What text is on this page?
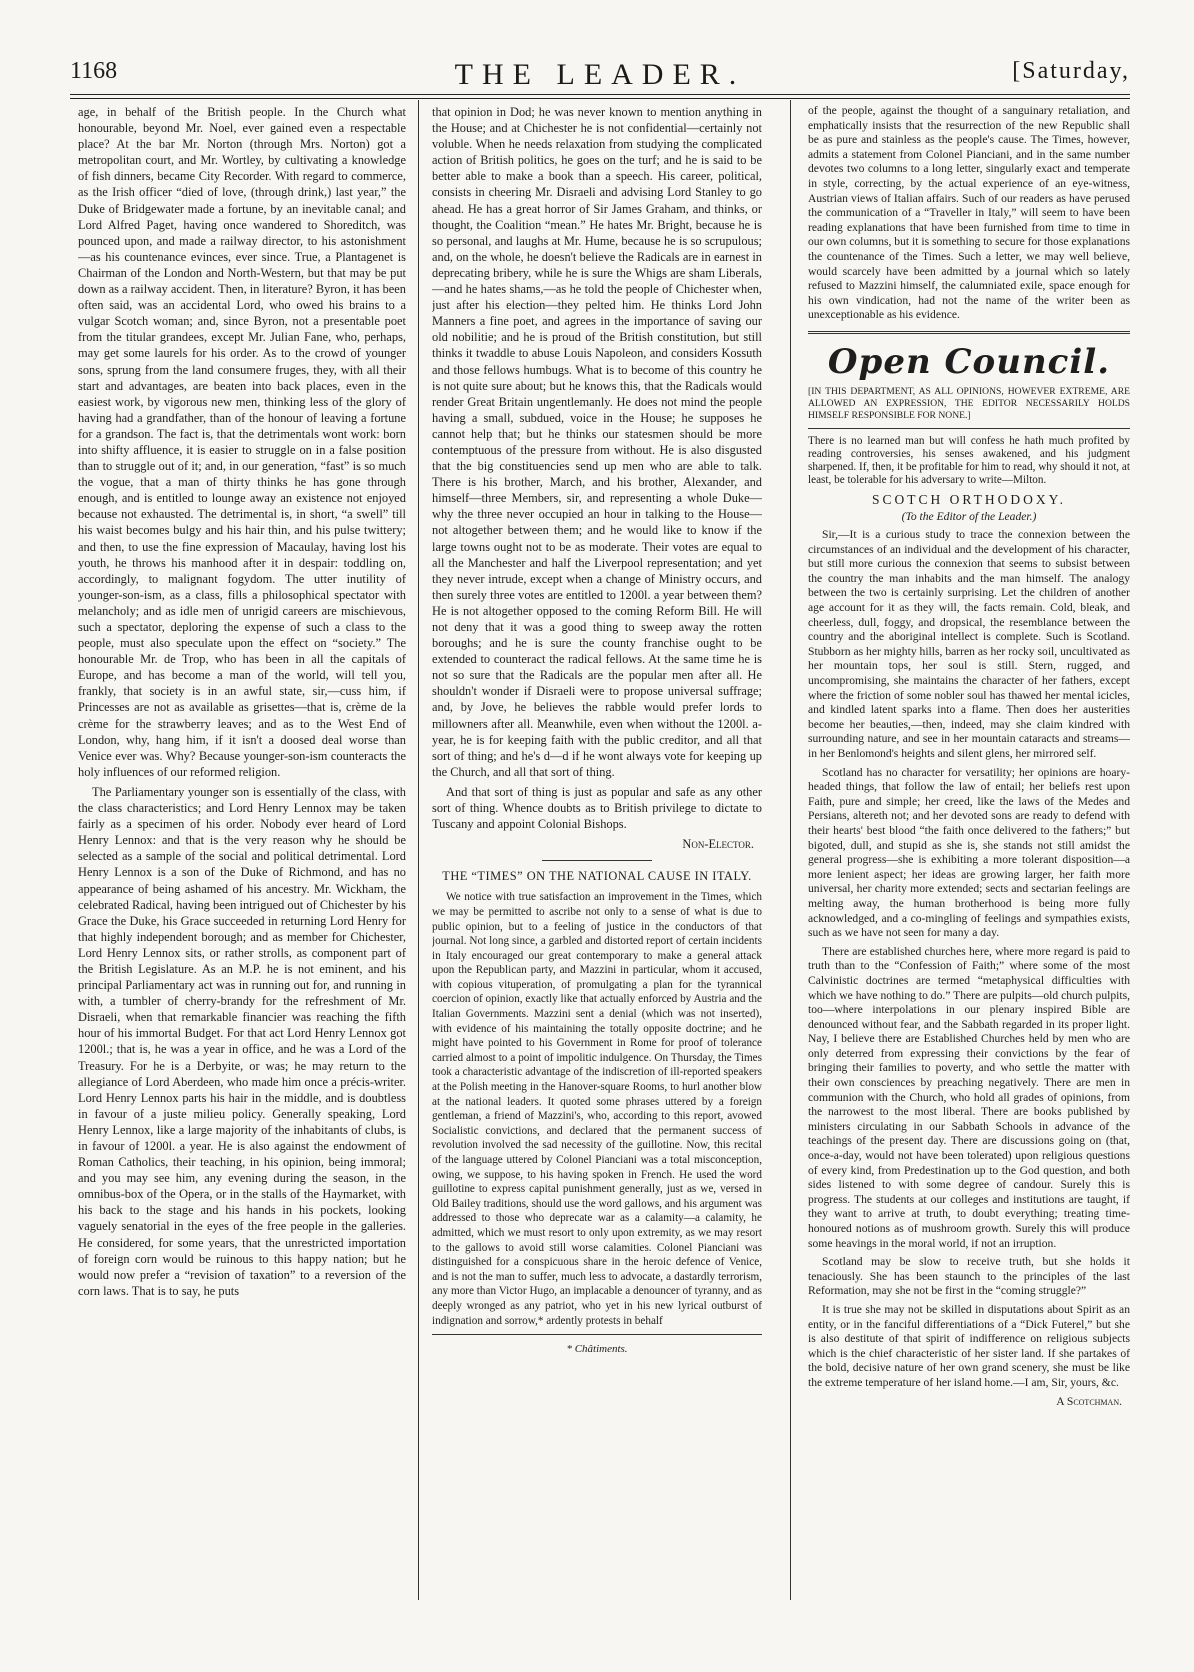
1168	THE LEADER.	[Saturday,

age, in behalf of the British people. In the Church what honourable, beyond Mr. Noel, ever gained even a respectable place? At the bar Mr. Norton (through Mrs. Norton) got a metropolitan court, and Mr. Wortley, by cultivating a knowledge of fish dinners, became City Recorder. With regard to commerce, as the Irish officer “died of love, (through drink,) last year,” the Duke of Bridgewater made a fortune, by an inevitable canal; and Lord Alfred Paget, having once wandered to Shoreditch, was pounced upon, and made a railway director, to his astonishment—as his countenance evinces, ever since. True, a Plantagenet is Chairman of the London and North-Western, but that may be put down as a railway accident. Then, in literature? Byron, it has been often said, was an accidental Lord, who owed his brains to a vulgar Scotch woman; and, since Byron, not a presentable poet from the titular grandees, except Mr. Julian Fane, who, perhaps, may get some laurels for his order. As to the crowd of younger sons, sprung from the land consumere fruges, they, with all their start and advantages, are beaten into back places, even in the easiest work, by vigorous new men, thinking less of the glory of having had a grandfather, than of the honour of leaving a fortune for a grandson. The fact is, that the detrimentals wont work: born into shifty affluence, it is easier to struggle on in a false position than to struggle out of it; and, in our generation, “fast” is so much the vogue, that a man of thirty thinks he has gone through enough, and is entitled to lounge away an existence not enjoyed because not exhausted. The detrimental is, in short, “a swell” till his waist becomes bulgy and his hair thin, and his pulse twittery; and then, to use the fine expression of Macaulay, having lost his youth, he throws his manhood after it in despair: toddling on, accordingly, to malignant fogydom. The utter inutility of younger-son-ism, as a class, fills a philosophical spectator with melancholy; and as idle men of unrigid careers are mischievous, such a spectator, deploring the expense of such a class to the people, must also speculate upon the effect on “society.” The honourable Mr. de Trop, who has been in all the capitals of Europe, and has become a man of the world, will tell you, frankly, that society is in an awful state, sir,—cuss him, if Princesses are not as available as grisettes—that is, crème de la crème for the strawberry leaves; and as to the West End of London, why, hang him, if it isn't a doosed deal worse than Venice ever was. Why? Because younger-son-ism counteracts the holy influences of our reformed religion.

The Parliamentary younger son is essentially of the class, with the class characteristics; and Lord Henry Lennox may be taken fairly as a specimen of his order. Nobody ever heard of Lord Henry Lennox: and that is the very reason why he should be selected as a sample of the social and political detrimental. Lord Henry Lennox is a son of the Duke of Richmond, and has no appearance of being ashamed of his ancestry. Mr. Wickham, the celebrated Radical, having been intrigued out of Chichester by his Grace the Duke, his Grace succeeded in returning Lord Henry for that highly independent borough; and as member for Chichester, Lord Henry Lennox sits, or rather strolls, as component part of the British Legislature. As an M.P. he is not eminent, and his principal Parliamentary act was in running out for, and running in with, a tumbler of cherry-brandy for the refreshment of Mr. Disraeli, when that remarkable financier was reaching the fifth hour of his immortal Budget. For that act Lord Henry Lennox got 1200l.; that is, he was a year in office, and he was a Lord of the Treasury. For he is a Derbyite, or was; he may return to the allegiance of Lord Aberdeen, who made him once a précis-writer. Lord Henry Lennox parts his hair in the middle, and is doubtless in favour of a juste milieu policy. Generally speaking, Lord Henry Lennox, like a large majority of the inhabitants of clubs, is in favour of 1200l. a year. He is also against the endowment of Roman Catholics, their teaching, in his opinion, being immoral; and you may see him, any evening during the season, in the omnibus-box of the Opera, or in the stalls of the Haymarket, with his back to the stage and his hands in his pockets, looking vaguely senatorial in the eyes of the free people in the galleries. He considered, for some years, that the unrestricted importation of foreign corn would be ruinous to this happy nation; but he would now prefer a “revision of taxation” to a reversion of the corn laws. That is to say, he puts

that opinion in Dod; he was never known to mention anything in the House; and at Chichester he is not confidential—certainly not voluble. When he needs relaxation from studying the complicated action of British politics, he goes on the turf; and he is said to be better able to make a book than a speech. His career, political, consists in cheering Mr. Disraeli and advising Lord Stanley to go ahead. He has a great horror of Sir James Graham, and thinks, or thought, the Coalition “mean.” He hates Mr. Bright, because he is so personal, and laughs at Mr. Hume, because he is so scrupulous; and, on the whole, he doesn't believe the Radicals are in earnest in deprecating bribery, while he is sure the Whigs are sham Liberals,—and he hates shams,—as he told the people of Chichester when, just after his election—they pelted him. He thinks Lord John Manners a fine poet, and agrees in the importance of saving our old nobilitie; and he is proud of the British constitution, but still thinks it twaddle to abuse Louis Napoleon, and considers Kossuth and those fellows humbugs. What is to become of this country he is not quite sure about; but he knows this, that the Radicals would render Great Britain ungentlemanly. He does not mind the people having a small, subdued, voice in the House; he supposes he cannot help that; but he thinks our statesmen should be more contemptuous of the pressure from without. He is also disgusted that the big constituencies send up men who are able to talk. There is his brother, March, and his brother, Alexander, and himself—three Members, sir, and representing a whole Duke—why the three never occupied an hour in talking to the House—not altogether between them; and he would like to know if the large towns ought not to be as moderate. Their votes are equal to all the Manchester and half the Liverpool representation; and yet they never intrude, except when a change of Ministry occurs, and then surely three votes are entitled to 1200l. a year between them? He is not altogether opposed to the coming Reform Bill. He will not deny that it was a good thing to sweep away the rotten boroughs; and he is sure the county franchise ought to be extended to counteract the radical fellows. At the same time he is not so sure that the Radicals are the popular men after all. He shouldn't wonder if Disraeli were to propose universal suffrage; and, by Jove, he believes the rabble would prefer lords to millowners after all. Meanwhile, even when without the 1200l. a-year, he is for keeping faith with the public creditor, and all that sort of thing; and he's d—d if he wont always vote for keeping up the Church, and all that sort of thing.

And that sort of thing is just as popular and safe as any other sort of thing. Whence doubts as to British privilege to dictate to Tuscany and appoint Colonial Bishops.

Non-Elector.
THE “TIMES” ON THE NATIONAL CAUSE IN ITALY.

We notice with true satisfaction an improvement in the Times, which we may be permitted to ascribe not only to a sense of what is due to public opinion, but to a feeling of justice in the conductors of that journal. Not long since, a garbled and distorted report of certain incidents in Italy encouraged our great contemporary to make a general attack upon the Republican party, and Mazzini in particular, whom it accused, with copious vituperation, of promulgating a plan for the tyrannical coercion of opinion, exactly like that actually enforced by Austria and the Italian Governments. Mazzini sent a denial (which was not inserted), with evidence of his maintaining the totally opposite doctrine; and he might have pointed to his Government in Rome for proof of tolerance carried almost to a point of impolitic indulgence. On Thursday, the Times took a characteristic advantage of the indiscretion of ill-reported speakers at the Polish meeting in the Hanover-square Rooms, to hurl another blow at the national leaders. It quoted some phrases uttered by a foreign gentleman, a friend of Mazzini's, who, according to this report, avowed Socialistic convictions, and declared that the permanent success of revolution involved the sad necessity of the guillotine. Now, this recital of the language uttered by Colonel Pianciani was a total misconception, owing, we suppose, to his having spoken in French. He used the word guillotine to express capital punishment generally, just as we, versed in Old Bailey traditions, should use the word gallows, and his argument was addressed to those who deprecate war as a calamity—a calamity, he admitted, which we must resort to only upon extremity, as we may resort to the gallows to avoid still worse calamities. Colonel Pianciani was distinguished for a conspicuous share in the heroic defence of Venice, and is not the man to suffer, much less to advocate, a dastardly terrorism, any more than Victor Hugo, an implacable a denouncer of tyranny, and as deeply wronged as any patriot, who yet in his new lyrical outburst of indignation and sorrow,* ardently protests in behalf

* Châtiments.

of the people, against the thought of a sanguinary retaliation, and emphatically insists that the resurrection of the new Republic shall be as pure and stainless as the people's cause. The Times, however, admits a statement from Colonel Pianciani, and in the same number devotes two columns to a long letter, singularly exact and temperate in style, correcting, by the actual experience of an eye-witness, Austrian views of Italian affairs. Such of our readers as have perused the communication of a “Traveller in Italy,” will seem to have been reading explanations that have been furnished from time to time in our own columns, but it is something to secure for those explanations the countenance of the Times. Such a letter, we may well believe, would scarcely have been admitted by a journal which so lately refused to Mazzini himself, the calumniated exile, space enough for his own vindication, had not the name of the writer been as unexceptionable as his evidence.

Open Council.

[IN THIS DEPARTMENT, AS ALL OPINIONS, HOWEVER EXTREME, ARE ALLOWED AN EXPRESSION, THE EDITOR NECESSARILY HOLDS HIMSELF RESPONSIBLE FOR NONE.]

There is no learned man but will confess he hath much profited by reading controversies, his senses awakened, and his judgment sharpened. If, then, it be profitable for him to read, why should it not, at least, be tolerable for his adversary to write—Milton.

SCOTCH ORTHODOXY.
(To the Editor of the Leader.)

Sir,—It is a curious study to trace the connexion between the circumstances of an individual and the development of his character, but still more curious the connexion that seems to subsist between the country the man inhabits and the man himself. The analogy between the two is certainly surprising. Let the children of another age account for it as they will, the facts remain. Cold, bleak, and cheerless, dull, foggy, and dropsical, the resemblance between the country and the aboriginal intellect is complete. Such is Scotland. Stubborn as her mighty hills, barren as her rocky soil, uncultivated as her mountain tops, her soul is still. Stern, rugged, and uncompromising, she maintains the character of her fathers, except where the friction of some nobler soul has thawed her mental icicles, and kindled latent sparks into a flame. Then does her austerities become her beauties,—then, indeed, may she claim kindred with surrounding nature, and see in her mountain cataracts and streams—in her Benlomond's heights and silent glens, her mirrored self.

Scotland has no character for versatility; her opinions are hoary-headed things, that follow the law of entail; her beliefs rest upon Faith, pure and simple; her creed, like the laws of the Medes and Persians, altereth not; and her devoted sons are ready to defend with their hearts' best blood “the faith once delivered to the fathers;” but bigoted, dull, and stupid as she is, she stands not still amidst the general progress—she is exhibiting a more tolerant disposition—a more lenient aspect; her ideas are growing larger, her faith more universal, her charity more extended; sects and sectarian feelings are melting away, the human brotherhood is being more fully acknowledged, and a co-mingling of feelings and sympathies exists, such as we have not seen for many a day.

There are established churches here, where more regard is paid to truth than to the “Confession of Faith;” where some of the most Calvinistic doctrines are termed “metaphysical difficulties with which we have nothing to do.” There are pulpits—old church pulpits, too—where interpolations in our plenary inspired Bible are denounced without fear, and the Sabbath regarded in its proper light. Nay, I believe there are Established Churches held by men who are only deterred from expressing their convictions by the fear of bringing their families to poverty, and who settle the matter with their own consciences by preaching negatively. There are men in communion with the Church, who hold all grades of opinions, from the narrowest to the most liberal. There are books published by ministers circulating in our Sabbath Schools in advance of the teachings of the present day. There are discussions going on (that, once-a-day, would not have been tolerated) upon religious questions of every kind, from Predestination up to the God question, and both sides listened to with some degree of candour. Surely this is progress. The students at our colleges and institutions are taught, if they want to arrive at truth, to doubt everything; treating time-honoured notions as of mushroom growth. Surely this will produce some heavings in the moral world, if not an irruption.

Scotland may be slow to receive truth, but she holds it tenaciously. She has been staunch to the principles of the last Reformation, may she not be first in the “coming struggle?”

It is true she may not be skilled in disputations about Spirit as an entity, or in the fanciful differentiations of a “Dick Futerel,” but she is also destitute of that spirit of indifference on religious subjects which is the chief characteristic of her sister land. If she partakes of the bold, decisive nature of her own grand scenery, she must be like the extreme temperature of her island home.—I am, Sir, yours, &c.

A Scotchman.
